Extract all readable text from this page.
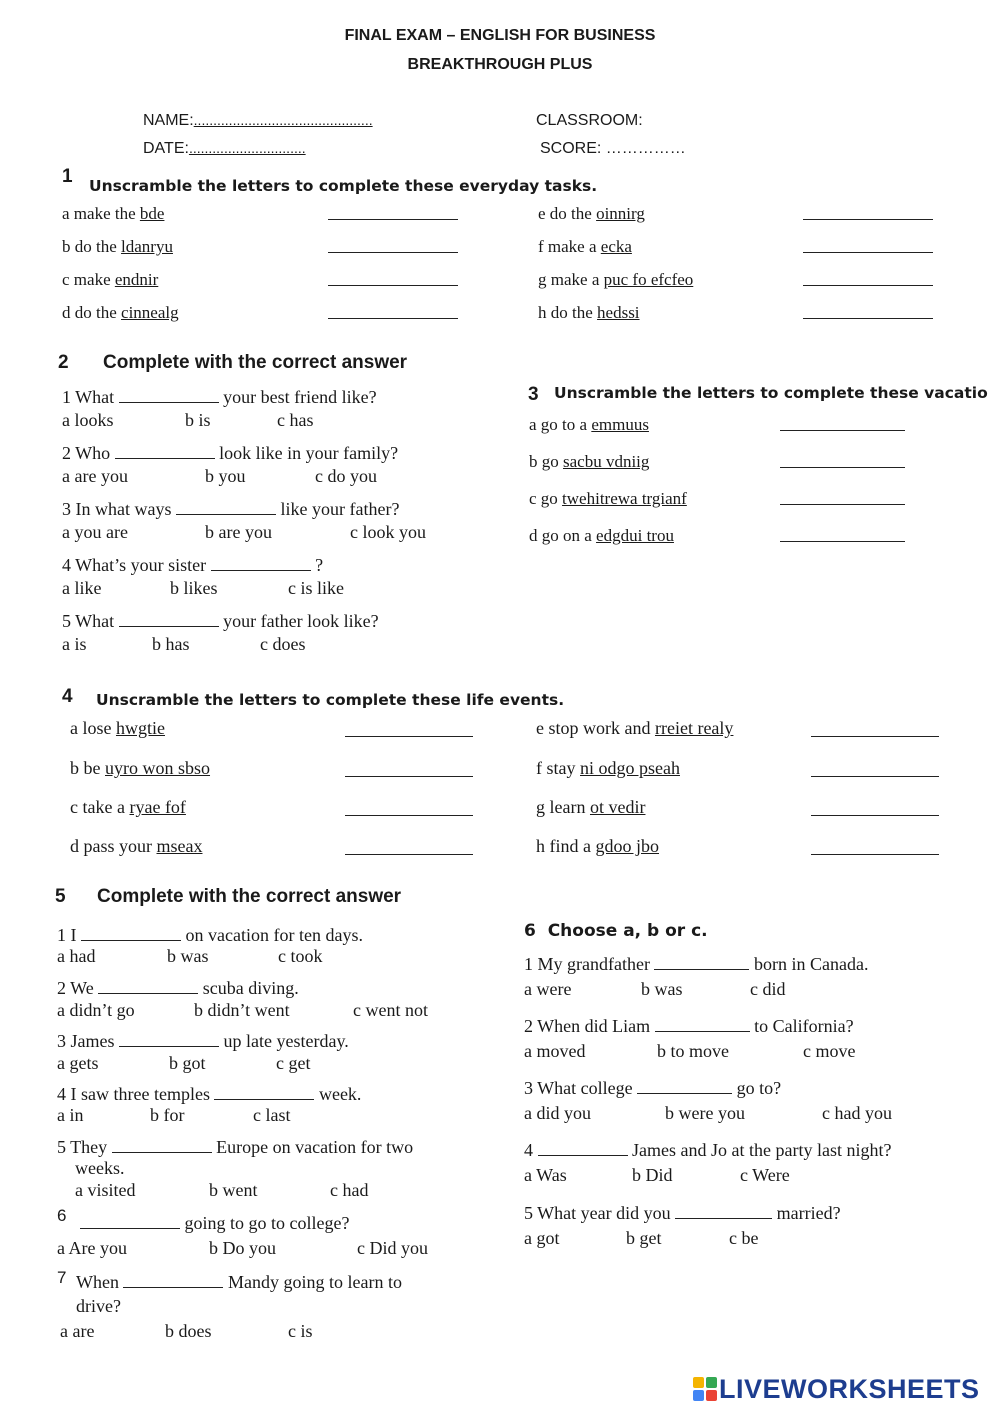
FINAL EXAM – ENGLISH FOR BUSINESS
BREAKTHROUGH PLUS
NAME:..............................................	CLASSROOM:
DATE:..............................	SCORE: ……………
1 Unscramble the letters to complete these everyday tasks.
a make the bde
b do the ldanryu
c make endnir
d do the cinnealg
e do the oinnirg
f make a ecka
g make a puc fo efcfeo
h do the hedssi
2 Complete with the correct answer
1 What	your best friend like?
a looks	b is	c has
2 Who	look like in your family?
a are you	b you	c do you
3 In what ways	like your father?
a you are	b are you	c look you
4 What’s your sister	?
a like	b likes	c is like
5 What	your father look like?
a is	b has	c does
3 Unscramble the letters to complete these vacatio
a go to a emmuus
b go sacbu vdniig
c go twehitrewa trgianf
d go on a edgdui trou
4 Unscramble the letters to complete these life events.
a lose hwgtie
b be uyro won sbso
c take a ryae fof
d pass your mseax
e stop work and rreiet realy
f stay ni odgo pseah
g learn ot vedir
h find a gdoo jbo
5 Complete with the correct answer
1 I	on vacation for ten days.
a had	b was	c took
2 We	scuba diving.
a didn’t go	b didn’t went	c went not
3 James	up late yesterday.
a gets	b got	c get
4 I saw three temples	week.
a in	b for	c last
5 They	Europe on vacation for two
weeks.
a visited	b went	c had
6	going to go to college?
a Are you	b Do you	c Did you
7 When	Mandy going to learn to
drive?
a are	b does	c is
6 Choose a, b or c.
1 My grandfather	born in Canada.
a were	b was	c did
2 When did Liam	to California?
a moved	b to move	c move
3 What college	go to?
a did you	b were you	c had you
4	James and Jo at the party last night?
a Was	b Did	c Were
5 What year did you	married?
a got	b get	c be
LIVEWORKSHEETS
